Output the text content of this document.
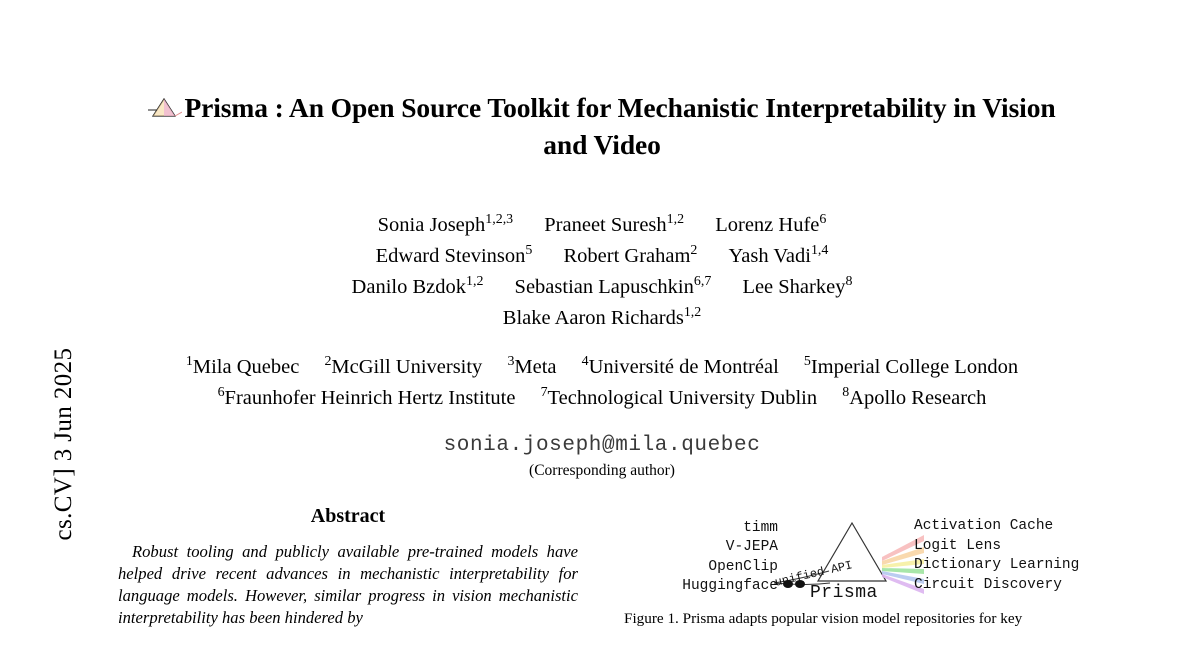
cs.CV] 3 Jun 2025
Prisma : An Open Source Toolkit for Mechanistic Interpretability in Vision and Video
Sonia Joseph$^{1,2,3}$ Praneet Suresh$^{1,2}$ Lorenz Hufe$^6$
Edward Stevinson$^5$ Robert Graham$^2$ Yash Vadi$^{1,4}$
Danilo Bzdok$^{1,2}$ Sebastian Lapuschkin$^{6,7}$ Lee Sharkey$^8$
Blake Aaron Richards$^{1,2}$
$^1$Mila Quebec $^2$McGill University $^3$Meta $^4$Université de Montréal $^5$Imperial College London
$^6$Fraunhofer Heinrich Hertz Institute $^7$Technological University Dublin $^8$Apollo Research
sonia.joseph@mila.quebec
(Corresponding author)
Abstract
Robust tooling and publicly available pre-trained models have helped drive recent advances in mechanistic interpretability for language models. However, similar progress in vision mechanistic interpretability has been hindered by
timm
V-JEPA
OpenClip
Huggingface
unified API
Prisma
Activation Cache
Logit Lens
Dictionary Learning
Circuit Discovery
Figure 1. Prisma adapts popular vision model repositories for key
